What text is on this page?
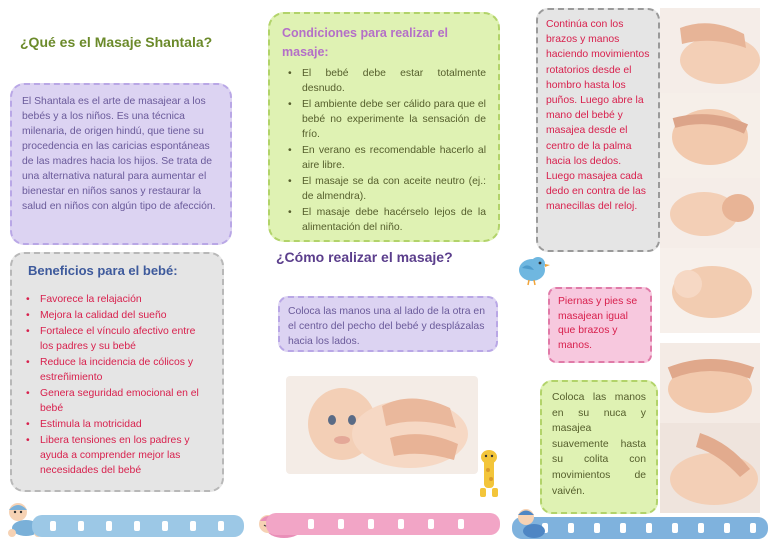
¿Qué es el Masaje Shantala?

El Shantala es el arte de masajear a los bebés y a los niños. Es una técnica milenaria, de origen hindú, que tiene su procedencia en las caricias espontáneas de las madres hacia los hijos. Se trata de una alternativa natural para aumentar el bienestar en niños sanos y restaurar la salud en niños con algún tipo de afección.

Beneficios para el bebé:
• Favorece la relajación
• Mejora la calidad del sueño
• Fortalece el vínculo afectivo entre los padres y su bebé
• Reduce la incidencia de cólicos y estreñimiento
• Genera seguridad emocional en el bebé
• Estimula la motricidad
• Libera tensiones en los padres y ayuda a comprender mejor las necesidades del bebé
Condiciones para realizar el masaje:
• El bebé debe estar totalmente desnudo.
• El ambiente debe ser cálido para que el bebé no experimente la sensación de frío.
• En verano es recomendable hacerlo al aire libre.
• El masaje se da con aceite neutro (ej.: de almendra).
• El masaje debe hacérselo lejos de la alimentación del niño.
¿Cómo realizar el masaje?

Coloca las manos una al lado de la otra en el centro del pecho del bebé y desplázalas hacia los lados.

Continúa con los brazos y manos haciendo movimientos rotatorios desde el hombro hasta los puños. Luego abre la mano del bebé y masajea desde el centro de la palma hacia los dedos. Luego masajea cada dedo en contra de las manecillas del reloj.

Piernas y pies se masajean igual que brazos y manos.

Coloca las manos en su nuca y masajea suavemente hasta su colita con movimientos de vaivén.
